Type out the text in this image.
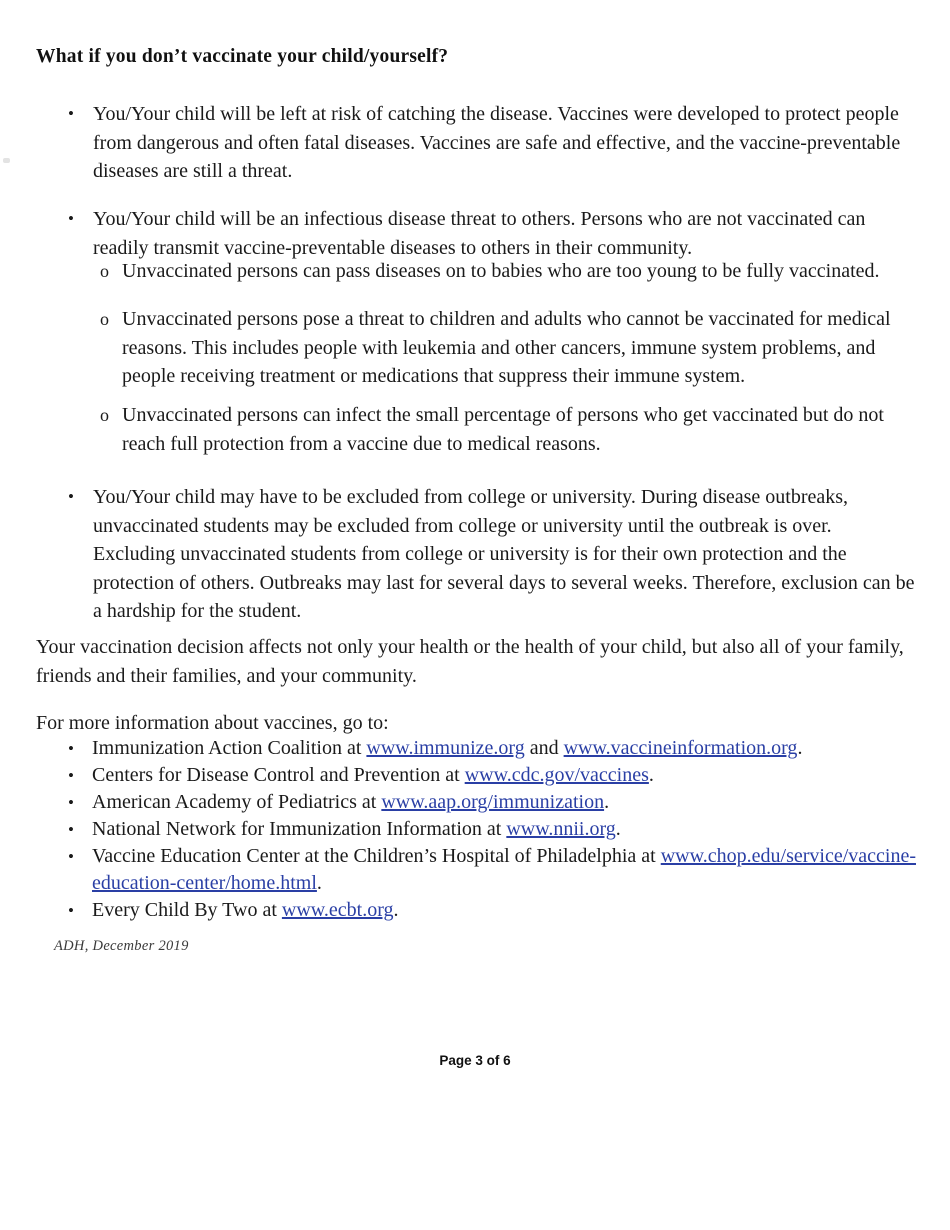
What if you don’t vaccinate your child/yourself?
• You/Your child will be left at risk of catching the disease. Vaccines were developed to protect people from dangerous and often fatal diseases. Vaccines are safe and effective, and the vaccine-preventable diseases are still a threat.
• You/Your child will be an infectious disease threat to others. Persons who are not vaccinated can readily transmit vaccine-preventable diseases to others in their community.
o Unvaccinated persons can pass diseases on to babies who are too young to be fully vaccinated.
o Unvaccinated persons pose a threat to children and adults who cannot be vaccinated for medical reasons. This includes people with leukemia and other cancers, immune system problems, and people receiving treatment or medications that suppress their immune system.
o Unvaccinated persons can infect the small percentage of persons who get vaccinated but do not reach full protection from a vaccine due to medical reasons.
• You/Your child may have to be excluded from college or university. During disease outbreaks, unvaccinated students may be excluded from college or university until the outbreak is over. Excluding unvaccinated students from college or university is for their own protection and the protection of others. Outbreaks may last for several days to several weeks. Therefore, exclusion can be a hardship for the student.
Your vaccination decision affects not only your health or the health of your child, but also all of your family, friends and their families, and your community.
For more information about vaccines, go to:
• Immunization Action Coalition at www.immunize.org and www.vaccineinformation.org.
• Centers for Disease Control and Prevention at www.cdc.gov/vaccines.
• American Academy of Pediatrics at www.aap.org/immunization.
• National Network for Immunization Information at www.nnii.org.
• Vaccine Education Center at the Children’s Hospital of Philadelphia at www.chop.edu/service/vaccine-education-center/home.html.
• Every Child By Two at www.ecbt.org.
ADH, December 2019
Page 3 of 6
